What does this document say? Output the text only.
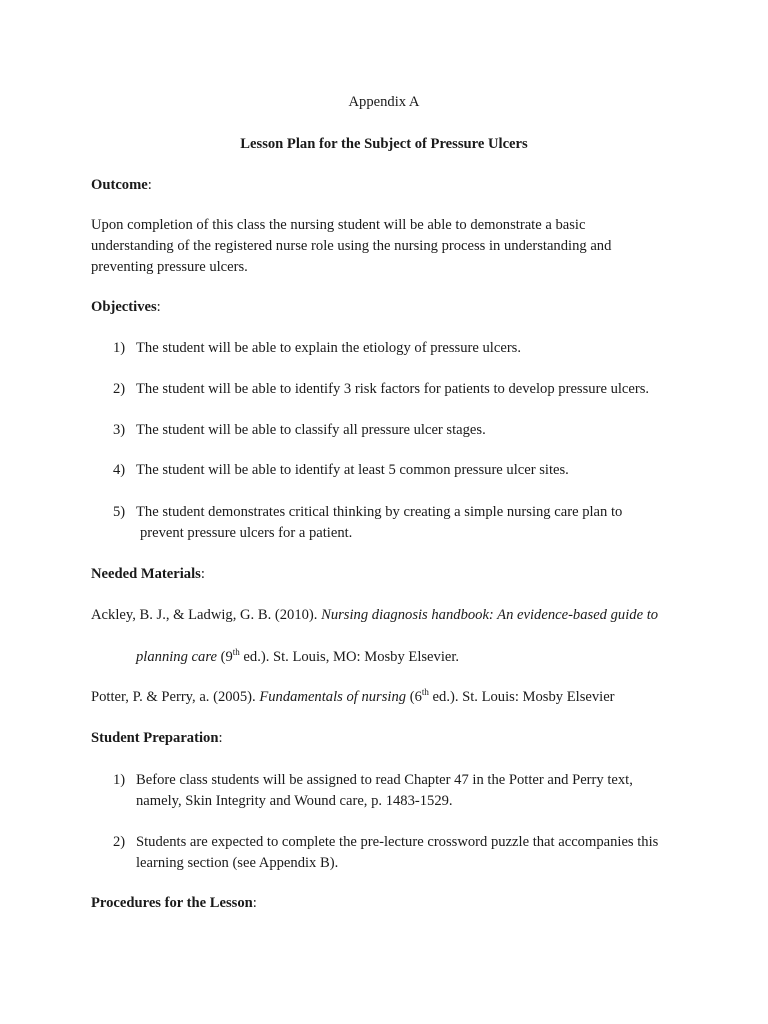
Appendix A
Lesson Plan for the Subject of Pressure Ulcers
Outcome:
Upon completion of this class the nursing student will be able to demonstrate a basic
understanding of the registered nurse role using the nursing process in understanding and
preventing pressure ulcers.
Objectives:
1) The student will be able to explain the etiology of pressure ulcers.
2) The student will be able to identify 3 risk factors for patients to develop pressure ulcers.
3) The student will be able to classify all pressure ulcer stages.
4) The student will be able to identify at least 5 common pressure ulcer sites.
5) The student demonstrates critical thinking by creating a simple nursing care plan to
prevent pressure ulcers for a patient.
Needed Materials:
Ackley, B. J., & Ladwig, G. B. (2010). Nursing diagnosis handbook: An evidence-based guide to
planning care (9th ed.). St. Louis, MO: Mosby Elsevier.
Potter, P. & Perry, a. (2005). Fundamentals of nursing (6th ed.). St. Louis: Mosby Elsevier
Student Preparation:
1) Before class students will be assigned to read Chapter 47 in the Potter and Perry text,
namely, Skin Integrity and Wound care, p. 1483-1529.
2) Students are expected to complete the pre-lecture crossword puzzle that accompanies this
learning section (see Appendix B).
Procedures for the Lesson:
